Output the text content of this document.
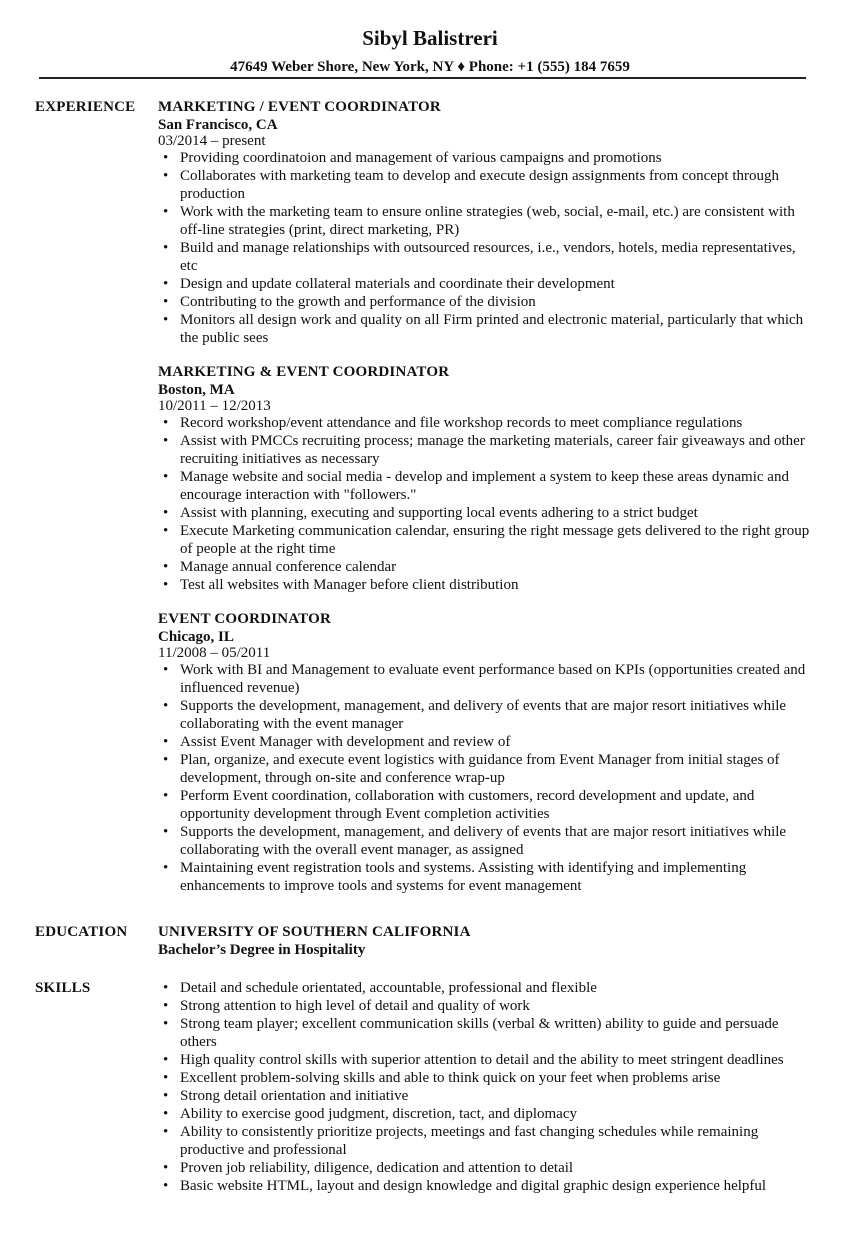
Sibyl Balistreri
47649 Weber Shore, New York, NY ♦ Phone: +1 (555) 184 7659
EXPERIENCE MARKETING / EVENT COORDINATOR
San Francisco, CA
03/2014 – present
• Providing coordinatoion and management of various campaigns and promotions
• Collaborates with marketing team to develop and execute design assignments from concept through production
• Work with the marketing team to ensure online strategies (web, social, e-mail, etc.) are consistent with off-line strategies (print, direct marketing, PR)
• Build and manage relationships with outsourced resources, i.e., vendors, hotels, media representatives, etc
• Design and update collateral materials and coordinate their development
• Contributing to the growth and performance of the division
• Monitors all design work and quality on all Firm printed and electronic material, particularly that which the public sees
MARKETING & EVENT COORDINATOR
Boston, MA
10/2011 – 12/2013
• Record workshop/event attendance and file workshop records to meet compliance regulations
• Assist with PMCCs recruiting process; manage the marketing materials, career fair giveaways and other recruiting initiatives as necessary
• Manage website and social media - develop and implement a system to keep these areas dynamic and encourage interaction with "followers."
• Assist with planning, executing and supporting local events adhering to a strict budget
• Execute Marketing communication calendar, ensuring the right message gets delivered to the right group of people at the right time
• Manage annual conference calendar
• Test all websites with Manager before client distribution
EVENT COORDINATOR
Chicago, IL
11/2008 – 05/2011
• Work with BI and Management to evaluate event performance based on KPIs (opportunities created and influenced revenue)
• Supports the development, management, and delivery of events that are major resort initiatives while collaborating with the event manager
• Assist Event Manager with development and review of
• Plan, organize, and execute event logistics with guidance from Event Manager from initial stages of development, through on-site and conference wrap-up
• Perform Event coordination, collaboration with customers, record development and update, and opportunity development through Event completion activities
• Supports the development, management, and delivery of events that are major resort initiatives while collaborating with the overall event manager, as assigned
• Maintaining event registration tools and systems. Assisting with identifying and implementing enhancements to improve tools and systems for event management
EDUCATION UNIVERSITY OF SOUTHERN CALIFORNIA
Bachelor’s Degree in Hospitality
SKILLS
•	Detail and schedule orientated, accountable, professional and flexible
• Strong attention to high level of detail and quality of work
• Strong team player; excellent communication skills (verbal & written) ability to guide and persuade others
• High quality control skills with superior attention to detail and the ability to meet stringent deadlines
• Excellent problem-solving skills and able to think quick on your feet when problems arise
• Strong detail orientation and initiative
• Ability to exercise good judgment, discretion, tact, and diplomacy
• Ability to consistently prioritize projects, meetings and fast changing schedules while remaining productive and professional
• Proven job reliability, diligence, dedication and attention to detail
• Basic website HTML, layout and design knowledge and digital graphic design experience helpful
